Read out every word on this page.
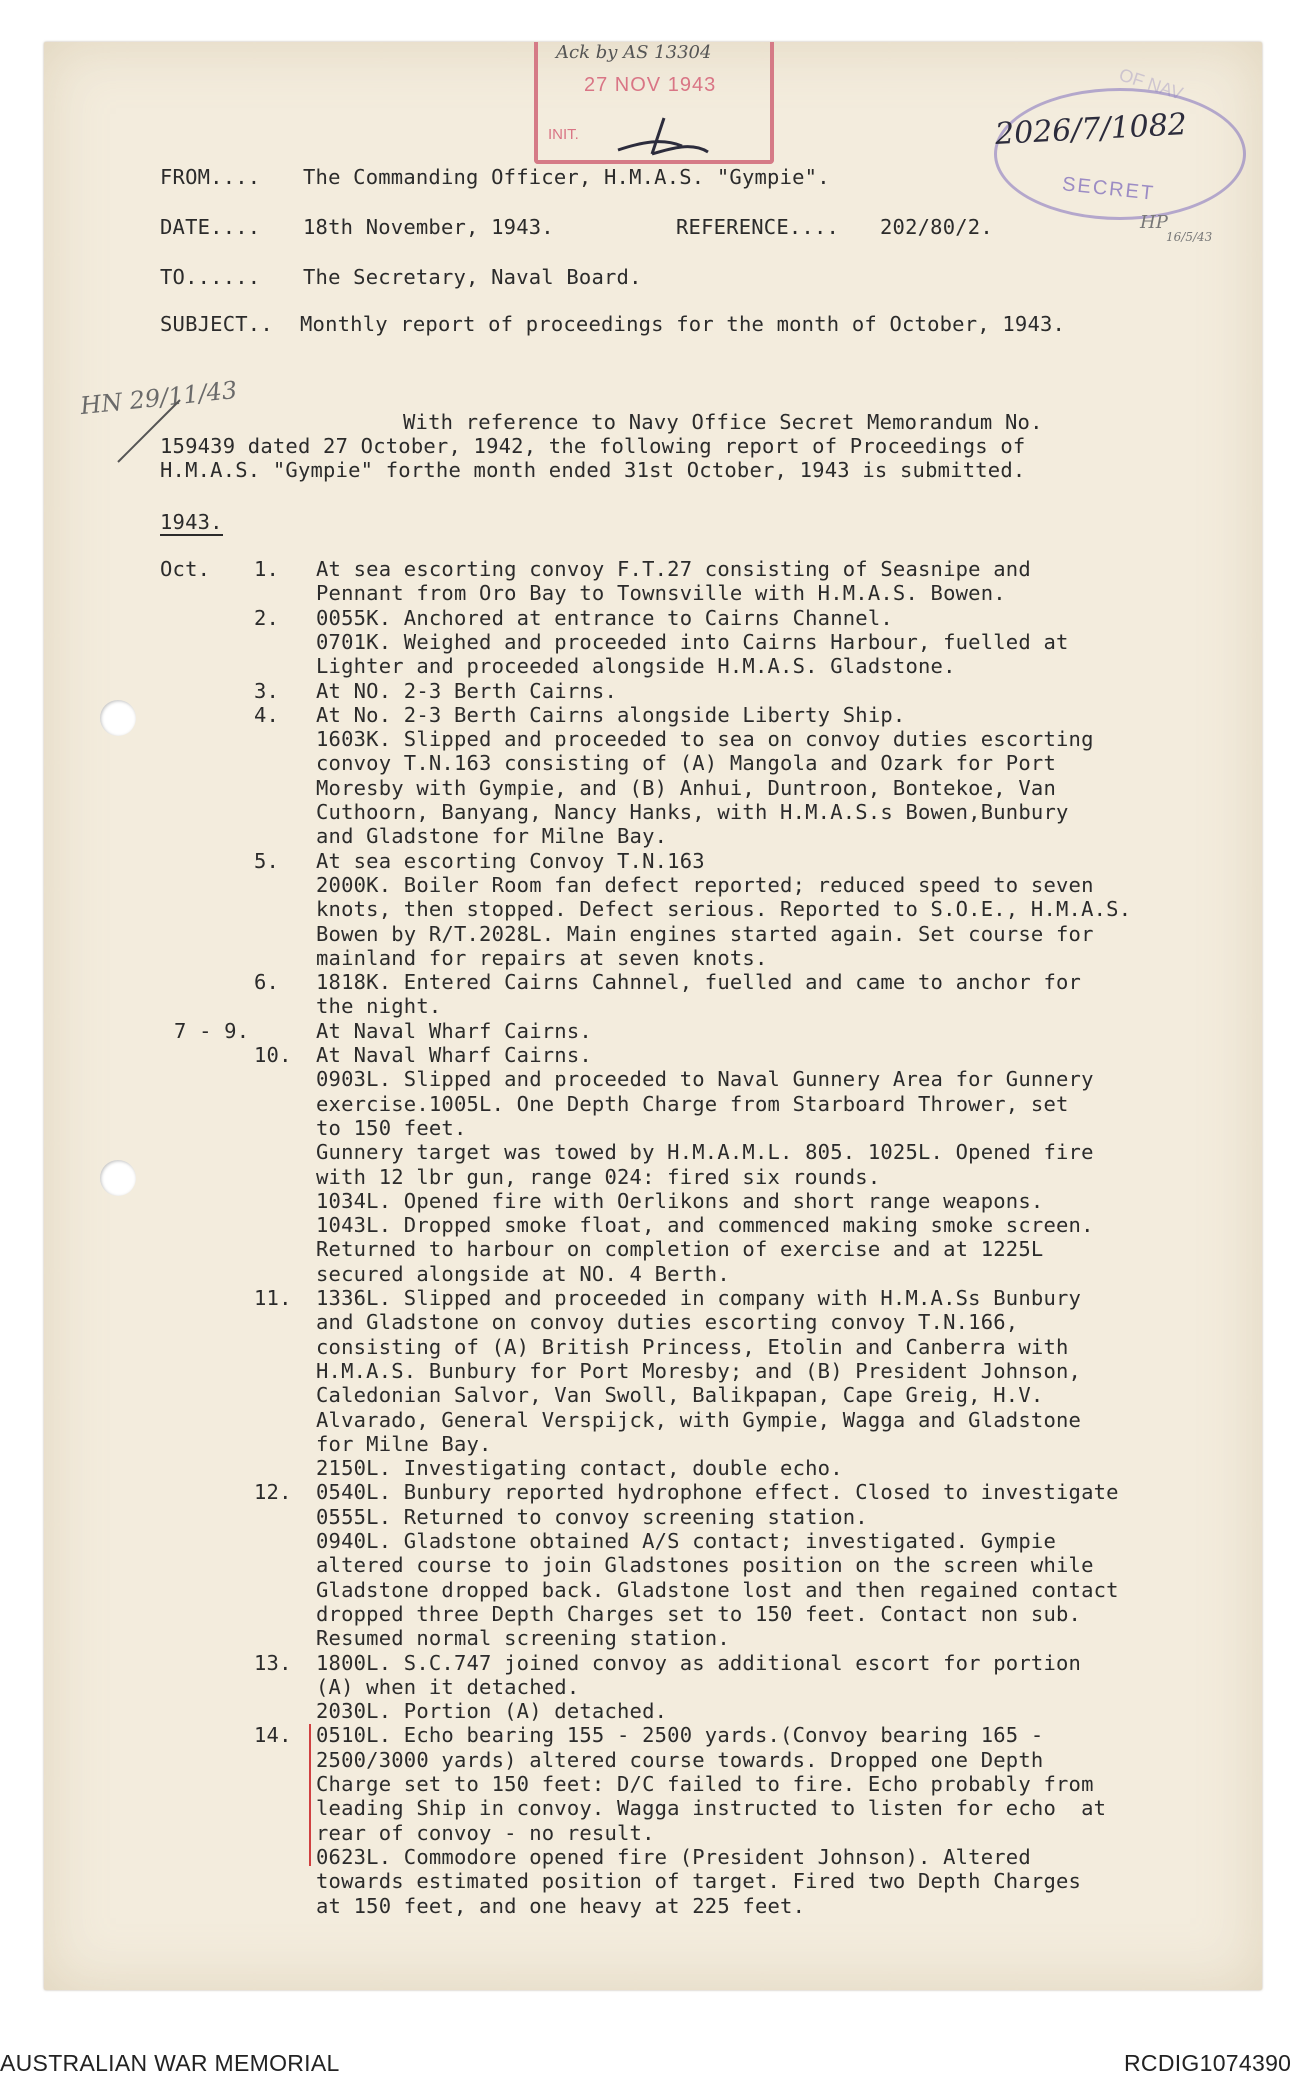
Ack by AS 13304
27 NOV 1943
INIT.
OF NAV
SECRET
2026/7/1082
HP
16/5/43
FROM.... The Commanding Officer, H.M.A.S. "Gympie".
DATE.... 18th November, 1943.	REFERENCE.... 202/80/2.
TO...... The Secretary, Naval Board.
SUBJECT.. Monthly report of proceedings for the month of October, 1943.
HN 29/11/43
With reference to Navy Office Secret Memorandum No.
159439 dated 27 October, 1942, the following report of Proceedings of
H.M.A.S. "Gympie" forthe month ended 31st October, 1943 is submitted.
1943.
Oct. 1. At sea escorting convoy F.T.27 consisting of Seasnipe and
Pennant from Oro Bay to Townsville with H.M.A.S. Bowen.
2. 0055K. Anchored at entrance to Cairns Channel.
0701K. Weighed and proceeded into Cairns Harbour, fuelled at
Lighter and proceeded alongside H.M.A.S. Gladstone.
3. At NO. 2-3 Berth Cairns.
4. At No. 2-3 Berth Cairns alongside Liberty Ship.
1603K. Slipped and proceeded to sea on convoy duties escorting
convoy T.N.163 consisting of (A) Mangola and Ozark for Port
Moresby with Gympie, and (B) Anhui, Duntroon, Bontekoe, Van
Cuthoorn, Banyang, Nancy Hanks, with H.M.A.S.s Bowen,Bunbury
and Gladstone for Milne Bay.
5. At sea escorting Convoy T.N.163
2000K. Boiler Room fan defect reported; reduced speed to seven
knots, then stopped. Defect serious. Reported to S.O.E., H.M.A.S.
Bowen by R/T.2028L. Main engines started again. Set course for
mainland for repairs at seven knots.
6. 1818K. Entered Cairns Cahnnel, fuelled and came to anchor for
the night.
7 - 9.	At Naval Wharf Cairns.
10. At Naval Wharf Cairns.
0903L. Slipped and proceeded to Naval Gunnery Area for Gunnery
exercise.1005L. One Depth Charge from Starboard Thrower, set
to 150 feet.
Gunnery target was towed by H.M.A.M.L. 805. 1025L. Opened fire
with 12 lbr gun, range 024: fired six rounds.
1034L. Opened fire with Oerlikons and short range weapons.
1043L. Dropped smoke float, and commenced making smoke screen.
Returned to harbour on completion of exercise and at 1225L
secured alongside at NO. 4 Berth.
11. 1336L. Slipped and proceeded in company with H.M.A.Ss Bunbury
and Gladstone on convoy duties escorting convoy T.N.166,
consisting of (A) British Princess, Etolin and Canberra with
H.M.A.S. Bunbury for Port Moresby; and (B) President Johnson,
Caledonian Salvor, Van Swoll, Balikpapan, Cape Greig, H.V.
Alvarado, General Verspijck, with Gympie, Wagga and Gladstone
for Milne Bay.
2150L. Investigating contact, double echo.
12. 0540L. Bunbury reported hydrophone effect. Closed to investigate
0555L. Returned to convoy screening station.
0940L. Gladstone obtained A/S contact; investigated. Gympie
altered course to join Gladstones position on the screen while
Gladstone dropped back. Gladstone lost and then regained contact
dropped three Depth Charges set to 150 feet. Contact non sub.
Resumed normal screening station.
13. 1800L. S.C.747 joined convoy as additional escort for portion
(A) when it detached.
2030L. Portion (A) detached.
14. 0510L. Echo bearing 155 - 2500 yards.(Convoy bearing 165 -
2500/3000 yards) altered course towards. Dropped one Depth
Charge set to 150 feet: D/C failed to fire. Echo probably from
leading Ship in convoy. Wagga instructed to listen for echo  at
rear of convoy - no result.
0623L. Commodore opened fire (President Johnson). Altered
towards estimated position of target. Fired two Depth Charges
at 150 feet, and one heavy at 225 feet.
AUSTRALIAN WAR MEMORIAL	RCDIG1074390
